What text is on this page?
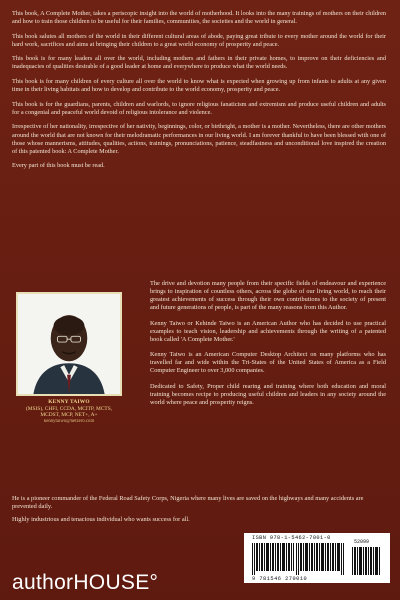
This book, A Complete Mother, takes a periscopic insight into the world of motherhood. It looks into the many trainings of mothers on their children and how to train those children to be useful for their families, communities, the societies and the world in general.

This book salutes all mothers of the world in their different cultural areas of abode, paying great tribute to every mother around the world for their hard work, sacrifices and aims at bringing their children to a great world economy of prosperity and peace.

This book is for many leaders all over the world, including mothers and fathers in their private homes, to improve on their deficiencies and inadequacies of qualities desirable of a good leader at home and everywhere to produce what the world needs.

This book is for many children of every culture all over the world to know what is expected when growing up from infants to adults at any given time in their living habitats and how to develop and contribute to the world economy, prosperity and peace.

This book is for the guardians, parents, children and warlords, to ignore religious fanaticism and extremism and produce useful children and adults for a congenial and peaceful world devoid of religious intolerance and violence.

Irrespective of her nationality, irrespective of her nativity, beginnings, color, or birthright, a mother is a mother. Nevertheless, there are other mothers around the world that are not known for their melodramatic performances in our living world. I am forever thankful to have been blessed with one of those whose mannerisms, attitudes, qualities, actions, trainings, pronunciations, patience, steadfastness and unconditional love inspired the creation of this patented book: A Complete Mother.

Every part of this book must be read.

KENNY TAIWO
(MSIS), CHFI, CCDA, MCITP, MCTS, MCDST, MCP, NET+, A+
kennytaiwo@netzero.com

The drive and devotion many people from their specific fields of endeavour and experience brings to inspiration of countless others, across the globe of our living world, to reach their greatest achievements of success through their own contributions to the society of present and future generations of people, is part of the many reasons from this Author.

Kenny Taiwo or Kehinde Taiwo is an American Author who has decided to use practical examples to teach vision, leadership and achievements through the writing of a patented book called 'A Complete Mother.'

Kenny Taiwo is an American Computer Desktop Architect on many platforms who has travelled far and wide within the Tri-States of the United States of America as a Field Computer Engineer to over 3,000 companies.

Dedicated to Safety, Proper child rearing and training where both education and moral training becomes recipe to producing useful children and leaders in any society around the world where peace and prosperity reigns.

He is a pioneer commander of the Federal Road Safety Corps, Nigeria where many lives are saved on the highways and many accidents are prevented daily.

Highly industrious and tenacious individual who wants success for all.

ISBN 978-1-5462-7001-0
52099
9 781546 270010
authorHOUSE°
